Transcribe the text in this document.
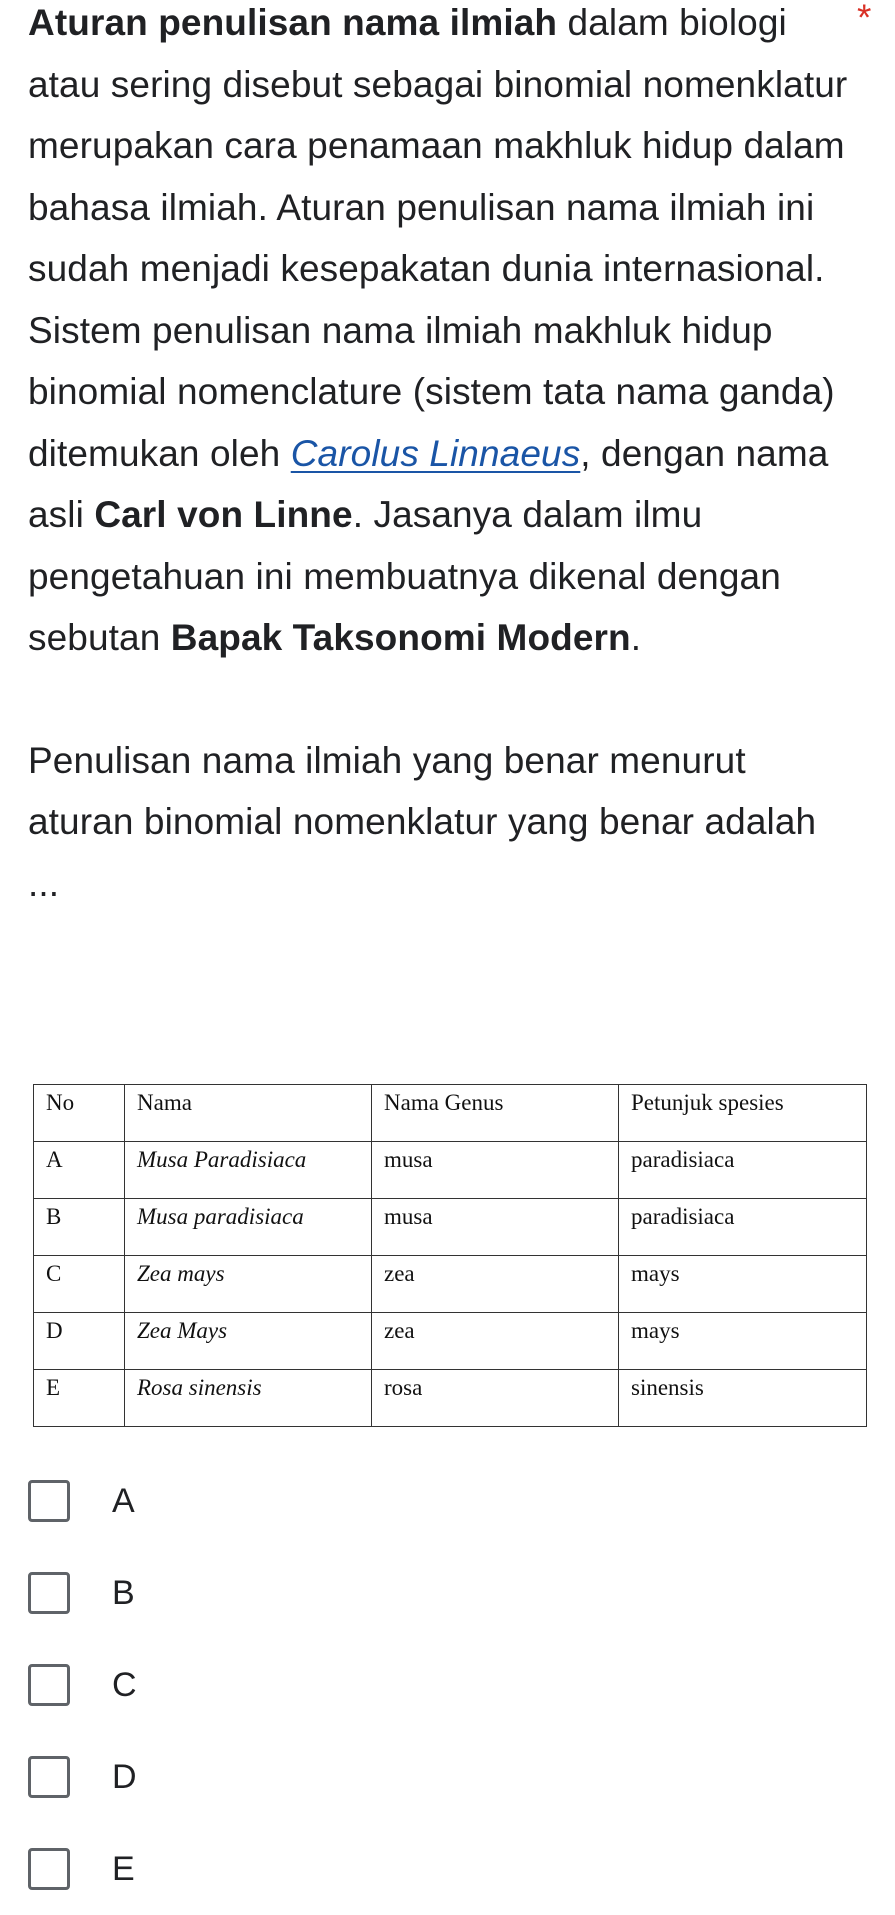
Aturan penulisan nama ilmiah dalam biologi atau sering disebut sebagai binomial nomenklatur merupakan cara penamaan makhluk hidup dalam bahasa ilmiah. Aturan penulisan nama ilmiah ini sudah menjadi kesepakatan dunia internasional.

Sistem penulisan nama ilmiah makhluk hidup binomial nomenclature (sistem tata nama ganda) ditemukan oleh Carolus Linnaeus, dengan nama asli Carl von Linne. Jasanya dalam ilmu pengetahuan ini membuatnya dikenal dengan sebutan Bapak Taksonomi Modern.

Penulisan nama ilmiah yang benar menurut aturan binomial nomenklatur yang benar adalah ...

*
No	Nama	Nama Genus	Petunjuk spesies
A	Musa Paradisiaca	musa	paradisiaca
B	Musa paradisiaca	musa	paradisiaca
C	Zea mays	zea	mays
D	Zea Mays	zea	mays
E	Rosa sinensis	rosa	sinensis
A
B
C
D
E
